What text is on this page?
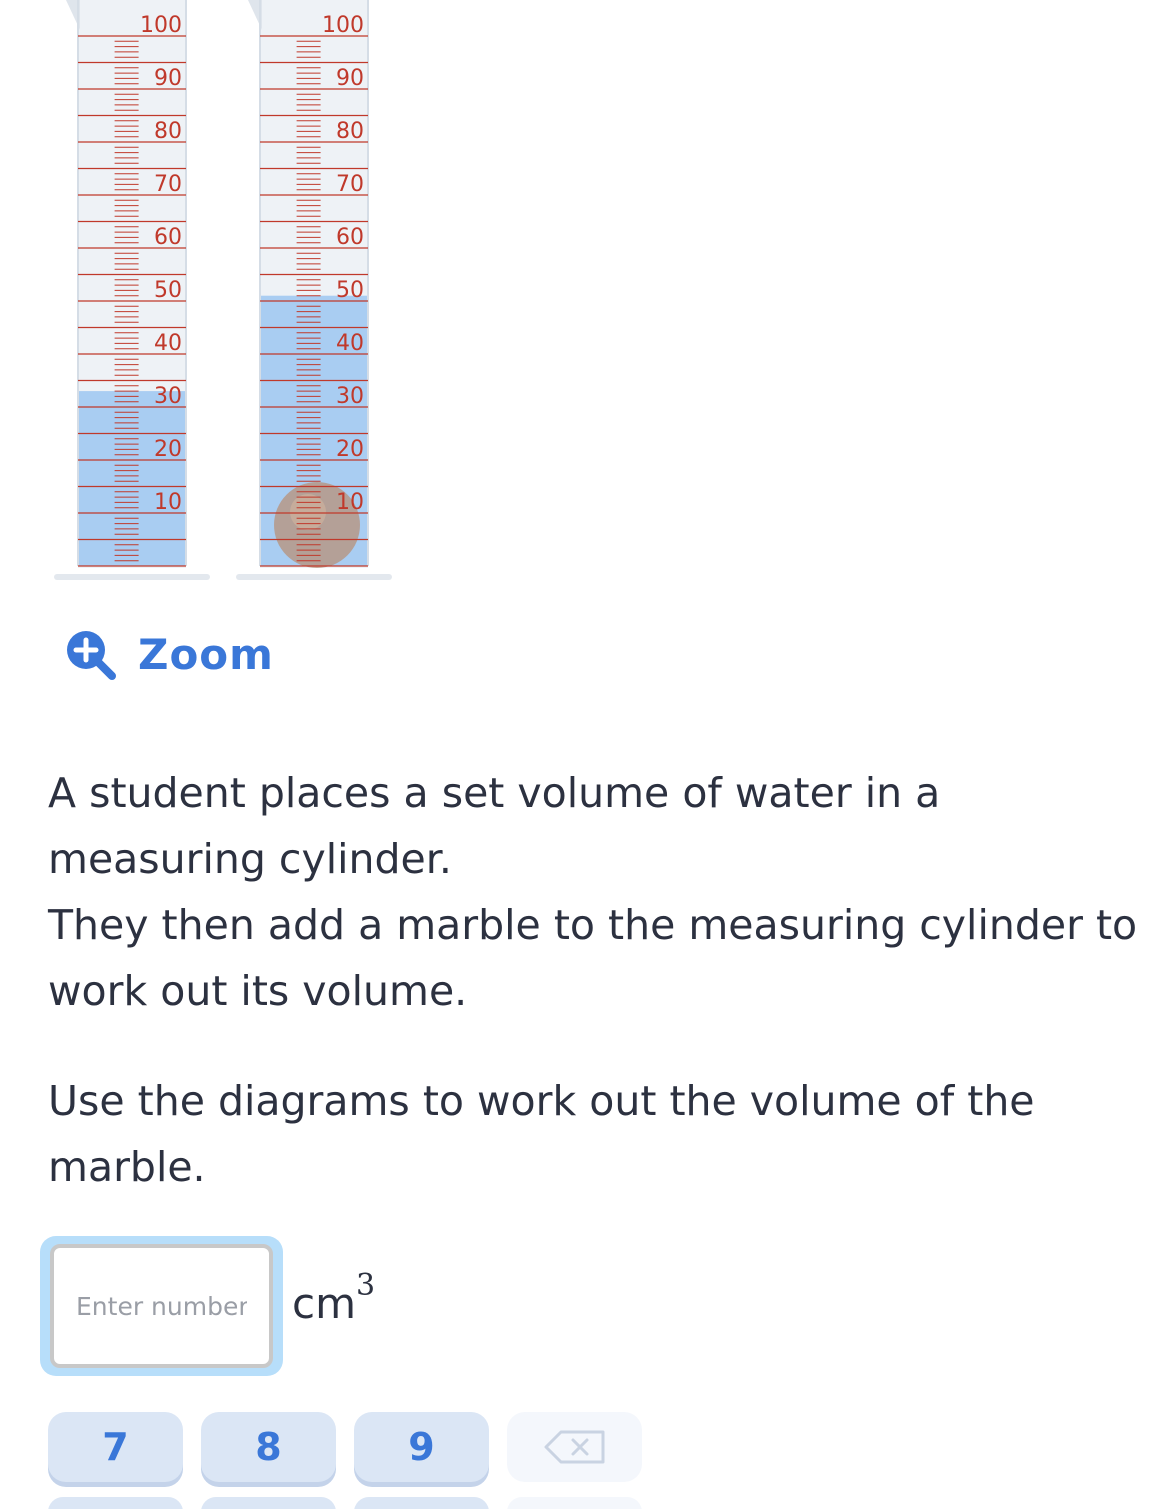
100
90
80
70
60
50
40
30
20
10
100
90
80
70
60
50
40
30
20
10
Zoom

A student places a set volume of water in a measuring cylinder.

They then add a marble to the measuring cylinder to work out its volume.

Use the diagrams to work out the volume of the marble.

Enter number
$cm^3$
7	8	9
